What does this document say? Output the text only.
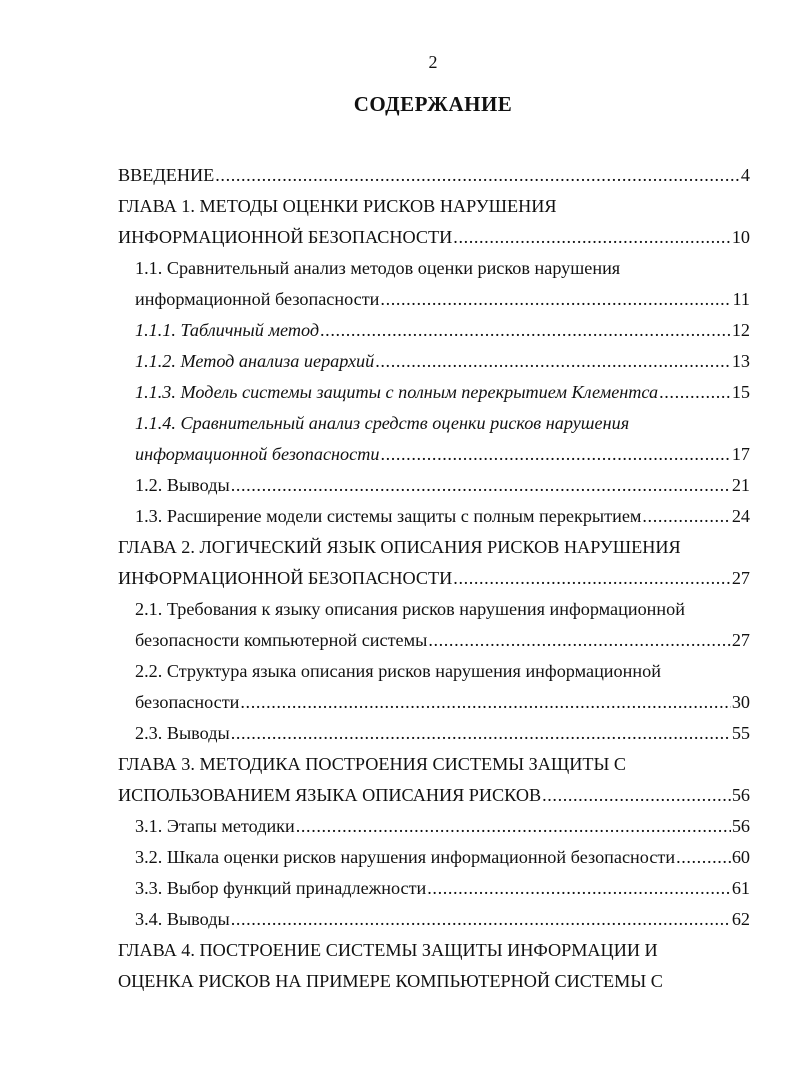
2
СОДЕРЖАНИЕ
ВВЕДЕНИЕ .....	4
ГЛАВА 1. МЕТОДЫ ОЦЕНКИ РИСКОВ НАРУШЕНИЯ
ИНФОРМАЦИОННОЙ БЕЗОПАСНОСТИ .....	10
1.1. Сравнительный анализ методов оценки рисков нарушения
информационной безопасности .....	11
1.1.1. Табличный метод .....	12
1.1.2. Метод анализа иерархий .....	13
1.1.3. Модель системы защиты с полным перекрытием Клементса .....	15
1.1.4. Сравнительный анализ средств оценки рисков нарушения
информационной безопасности .....	17
1.2. Выводы .....	21
1.3. Расширение модели системы защиты с полным перекрытием .....	24
ГЛАВА 2. ЛОГИЧЕСКИЙ ЯЗЫК ОПИСАНИЯ РИСКОВ НАРУШЕНИЯ
ИНФОРМАЦИОННОЙ БЕЗОПАСНОСТИ .....	27
2.1. Требования к языку описания рисков нарушения информационной
безопасности компьютерной системы .....	27
2.2. Структура языка описания рисков нарушения информационной
безопасности .....	30
2.3. Выводы .....	55
ГЛАВА 3. МЕТОДИКА ПОСТРОЕНИЯ СИСТЕМЫ ЗАЩИТЫ С
ИСПОЛЬЗОВАНИЕМ ЯЗЫКА ОПИСАНИЯ РИСКОВ .....	56
3.1. Этапы методики .....	56
3.2. Шкала оценки рисков нарушения информационной безопасности .....	60
3.3. Выбор функций принадлежности .....	61
3.4. Выводы .....	62
ГЛАВА 4. ПОСТРОЕНИЕ СИСТЕМЫ ЗАЩИТЫ ИНФОРМАЦИИ И
ОЦЕНКА РИСКОВ НА ПРИМЕРЕ КОМПЬЮТЕРНОЙ СИСТЕМЫ С
